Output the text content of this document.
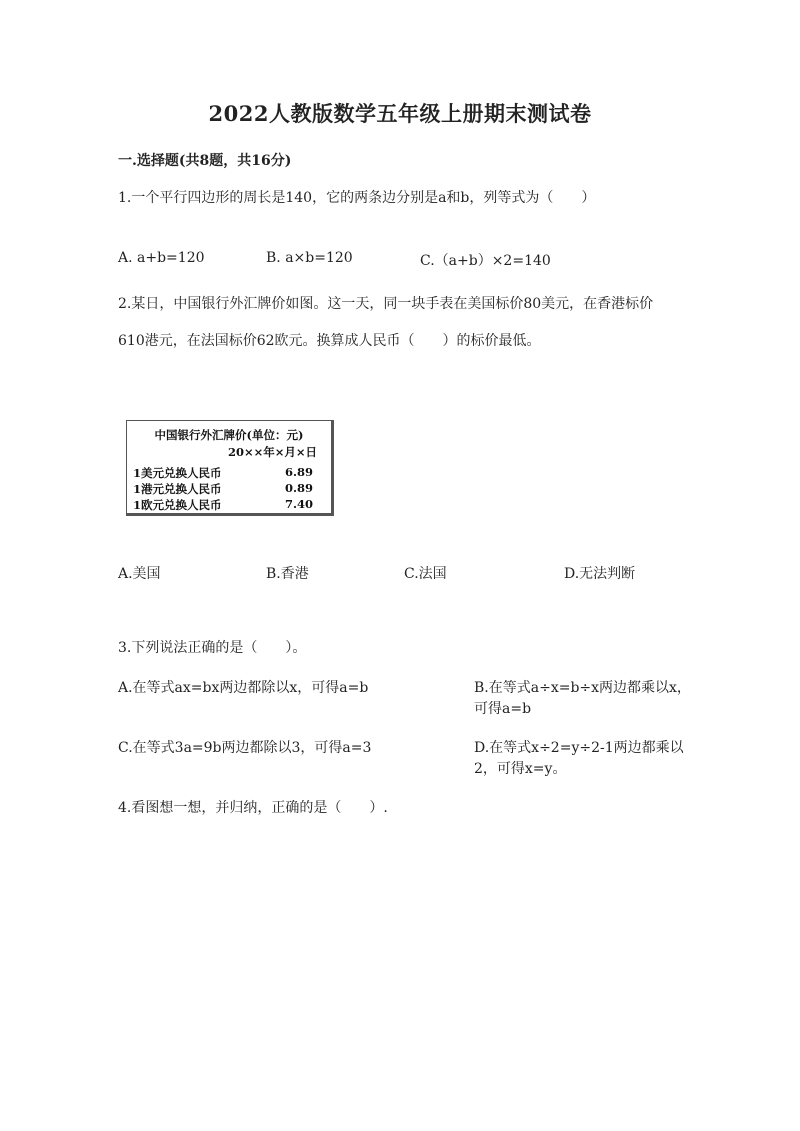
2022人教版数学五年级上册期末测试卷
一.选择题(共8题，共16分)
1.一个平行四边形的周长是140，它的两条边分别是a和b，列等式为（　　）
A. a+b=120	B. a×b=120	C.（a+b）×2=140
2.某日，中国银行外汇牌价如图。这一天，同一块手表在美国标价80美元，在香港标价610港元，在法国标价62欧元。换算成人民币（　　）的标价最低。
中国银行外汇牌价(单位：元)
20××年×月×日
1美元兑换人民币	6.89
1港元兑换人民币	0.89
1欧元兑换人民币	7.40
A.美国	B.香港	C.法国	D.无法判断
3.下列说法正确的是（　　）。
A.在等式ax=bx两边都除以x，可得a=b
C.在等式3a=9b两边都除以3，可得a=3
B.在等式a÷x=b÷x两边都乘以x，可得a=b
D.在等式x÷2=y÷2-1两边都乘以2，可得x=y。
4.看图想一想，并归纳，正确的是（　　）.
